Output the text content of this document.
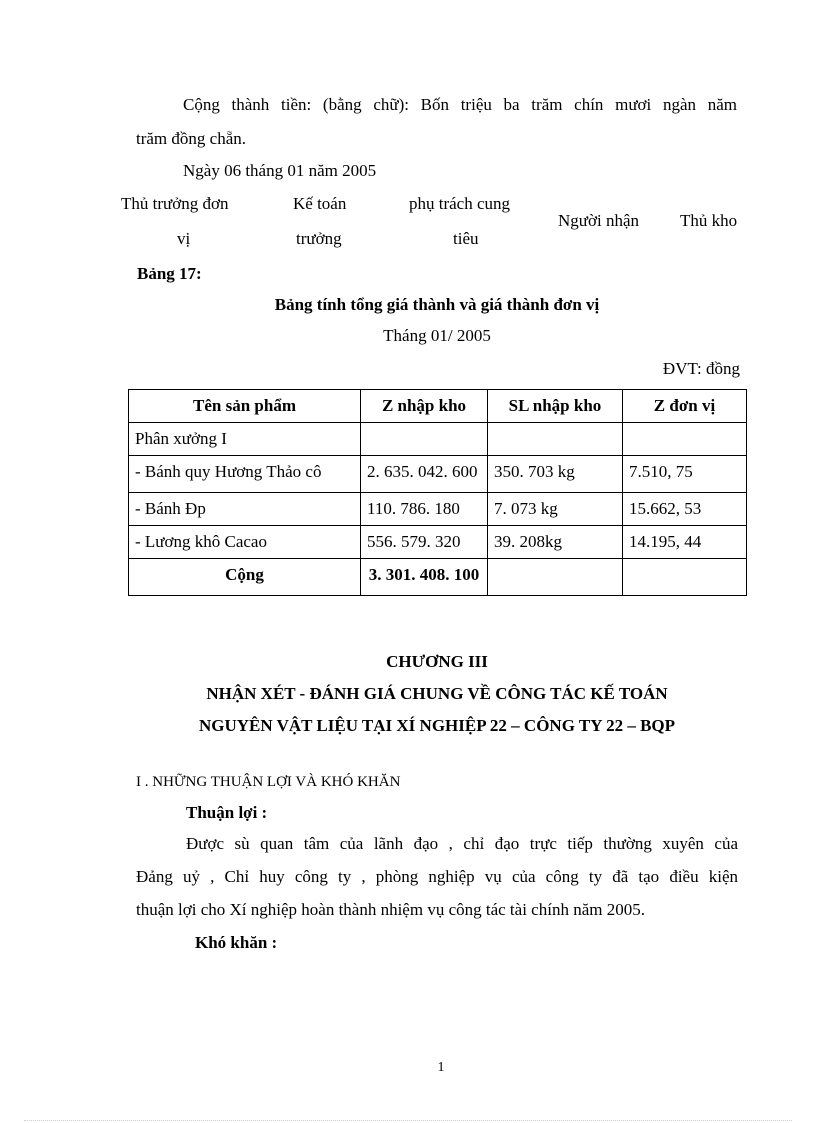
Cộng thành tiền: (bằng chữ): Bốn triệu ba trăm chín mươi ngàn năm
trăm đồng chẵn.
Ngày 06 tháng 01 năm 2005
Thủ trưởng đơn
vị
Kế toán
trưởng
phụ trách cung
tiêu
Người nhận Thủ kho
Bảng 17:
Bảng tính tổng giá thành và giá thành đơn vị
Tháng 01/ 2005
ĐVT: đồng
Tên sản phẩm	Z nhập kho	SL nhập kho	Z đơn vị
Phân xưởng I			
- Bánh quy Hương Thảo cô	2. 635. 042. 600	350. 703 kg	7.510, 75
- Bánh Đp	110. 786. 180	7. 073 kg	15.662, 53
- Lương khô Cacao	556. 579. 320	39. 208kg	14.195, 44
Cộng	3. 301. 408. 100		
CHƯƠNG III
NHẬN XÉT - ĐÁNH GIÁ CHUNG VỀ CÔNG TÁC KẾ TOÁN
NGUYÊN VẬT LIỆU TẠI XÍ NGHIỆP 22 – CÔNG TY 22 – BQP
I . NHỮNG THUẬN LỢI VÀ KHÓ KHĂN
Thuận lợi :
Được sù quan tâm của lãnh đạo , chỉ đạo trực tiếp thường xuyên của
Đảng uỷ , Chỉ huy công ty , phòng nghiệp vụ của công ty đã tạo điều kiện
thuận lợi cho Xí nghiệp hoàn thành nhiệm vụ công tác tài chính năm 2005.
Khó khăn :
1
